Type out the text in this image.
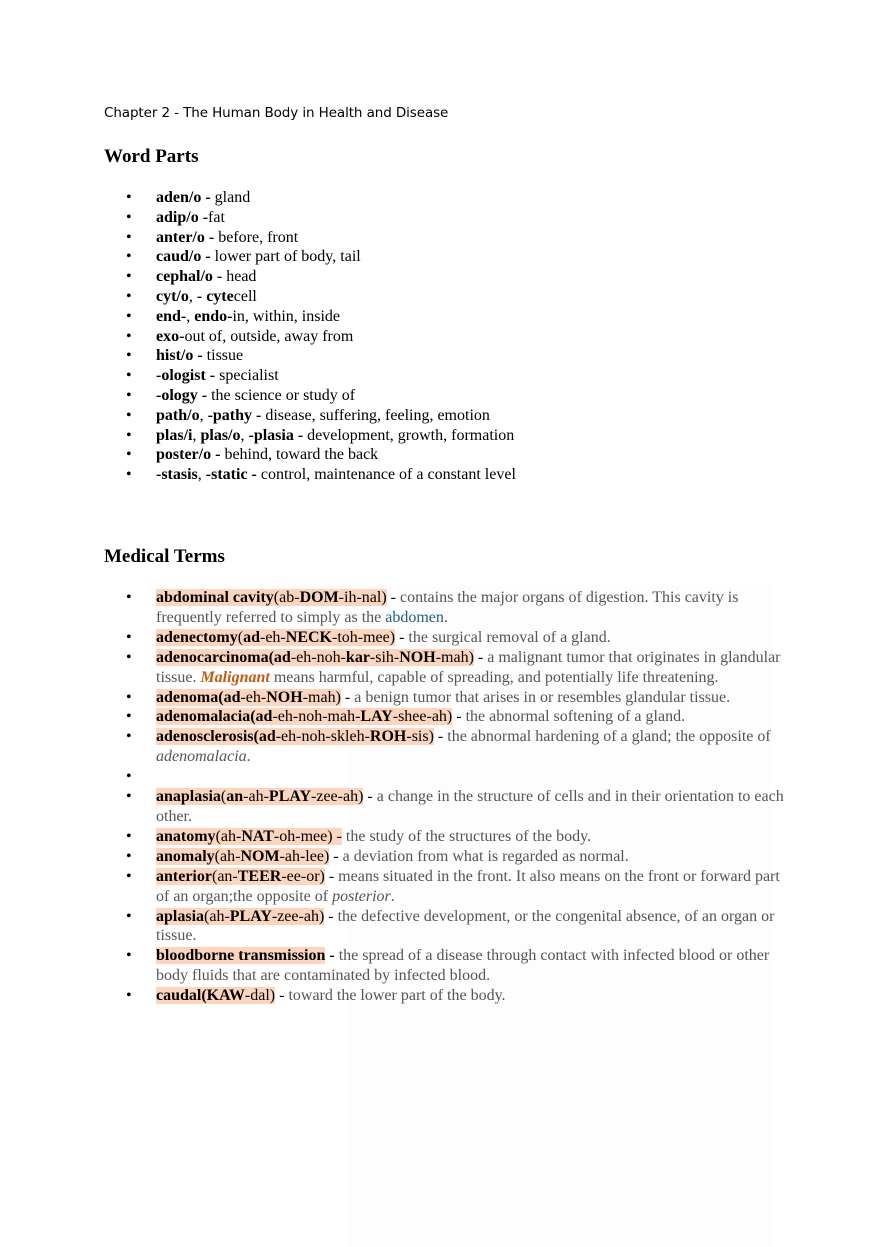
Chapter 2 - The Human Body in Health and Disease
Word Parts
• aden/o - gland
• adip/o -fat
• anter/o - before, front
• caud/o - lower part of body, tail
• cephal/o - head
• cyt/o, - cytecell
• end-, endo-in, within, inside
• exo-out of, outside, away from
• hist/o - tissue
• -ologist - specialist
• -ology - the science or study of
• path/o, -pathy - disease, suffering, feeling, emotion
• plas/i, plas/o, -plasia - development, growth, formation
• poster/o - behind, toward the back
• -stasis, -static - control, maintenance of a constant level
Medical Terms
• abdominal cavity(ab-DOM-ih-nal) - contains the major organs of digestion. This cavity is frequently referred to simply as the abdomen.
• adenectomy(ad-eh-NECK-toh-mee) - the surgical removal of a gland.
• adenocarcinoma(ad-eh-noh-kar-sih-NOH-mah) - a malignant tumor that originates in glandular tissue. Malignant means harmful, capable of spreading, and potentially life threatening.
• adenoma(ad-eh-NOH-mah) - a benign tumor that arises in or resembles glandular tissue.
• adenomalacia(ad-eh-noh-mah-LAY-shee-ah) - the abnormal softening of a gland.
• adenosclerosis(ad-eh-noh-skleh-ROH-sis) - the abnormal hardening of a gland; the opposite of adenomalacia.
•

• anaplasia(an-ah-PLAY-zee-ah) - a change in the structure of cells and in their orientation to each other.
• anatomy(ah-NAT-oh-mee) - the study of the structures of the body.
• anomaly(ah-NOM-ah-lee) - a deviation from what is regarded as normal.
• anterior(an-TEER-ee-or) - means situated in the front. It also means on the front or forward part of an organ;the opposite of posterior.
• aplasia(ah-PLAY-zee-ah) - the defective development, or the congenital absence, of an organ or tissue.
• bloodborne transmission - the spread of a disease through contact with infected blood or other body fluids that are contaminated by infected blood.
• caudal(KAW-dal) - toward the lower part of the body.
